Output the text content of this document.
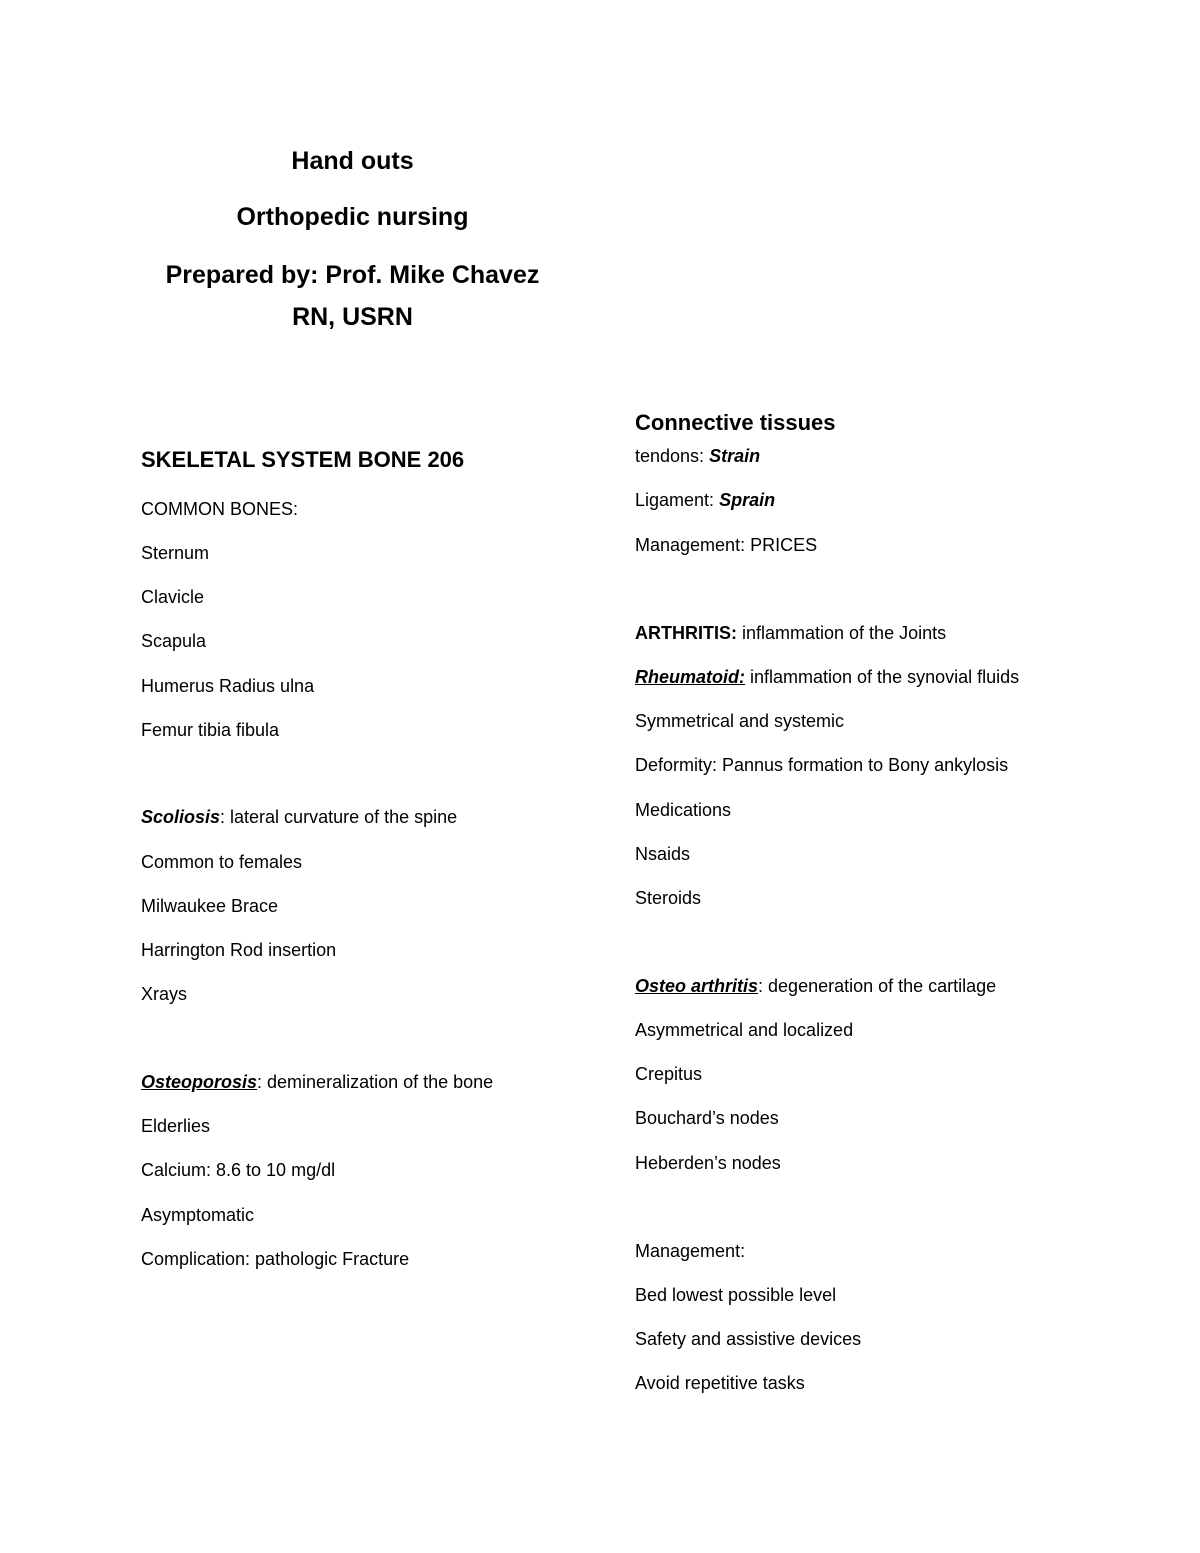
Hand outs
Orthopedic nursing
Prepared by: Prof. Mike Chavez
RN, USRN
SKELETAL SYSTEM BONE 206
COMMON BONES:
Sternum
Clavicle
Scapula
Humerus Radius ulna
Femur tibia fibula
Scoliosis: lateral curvature of the spine
Common to females
Milwaukee Brace
Harrington Rod insertion
Xrays
Osteoporosis: demineralization of the bone
Elderlies
Calcium: 8.6 to 10 mg/dl
Asymptomatic
Complication: pathologic Fracture
Connective tissues
tendons: Strain
Ligament: Sprain
Management: PRICES
ARTHRITIS: inflammation of the Joints
Rheumatoid: inflammation of the synovial fluids
Symmetrical and systemic
Deformity: Pannus formation to Bony ankylosis
Medications
Nsaids
Steroids
Osteo arthritis: degeneration of the cartilage
Asymmetrical and localized
Crepitus
Bouchard’s nodes
Heberden’s nodes
Management:
Bed lowest possible level
Safety and assistive devices
Avoid repetitive tasks
